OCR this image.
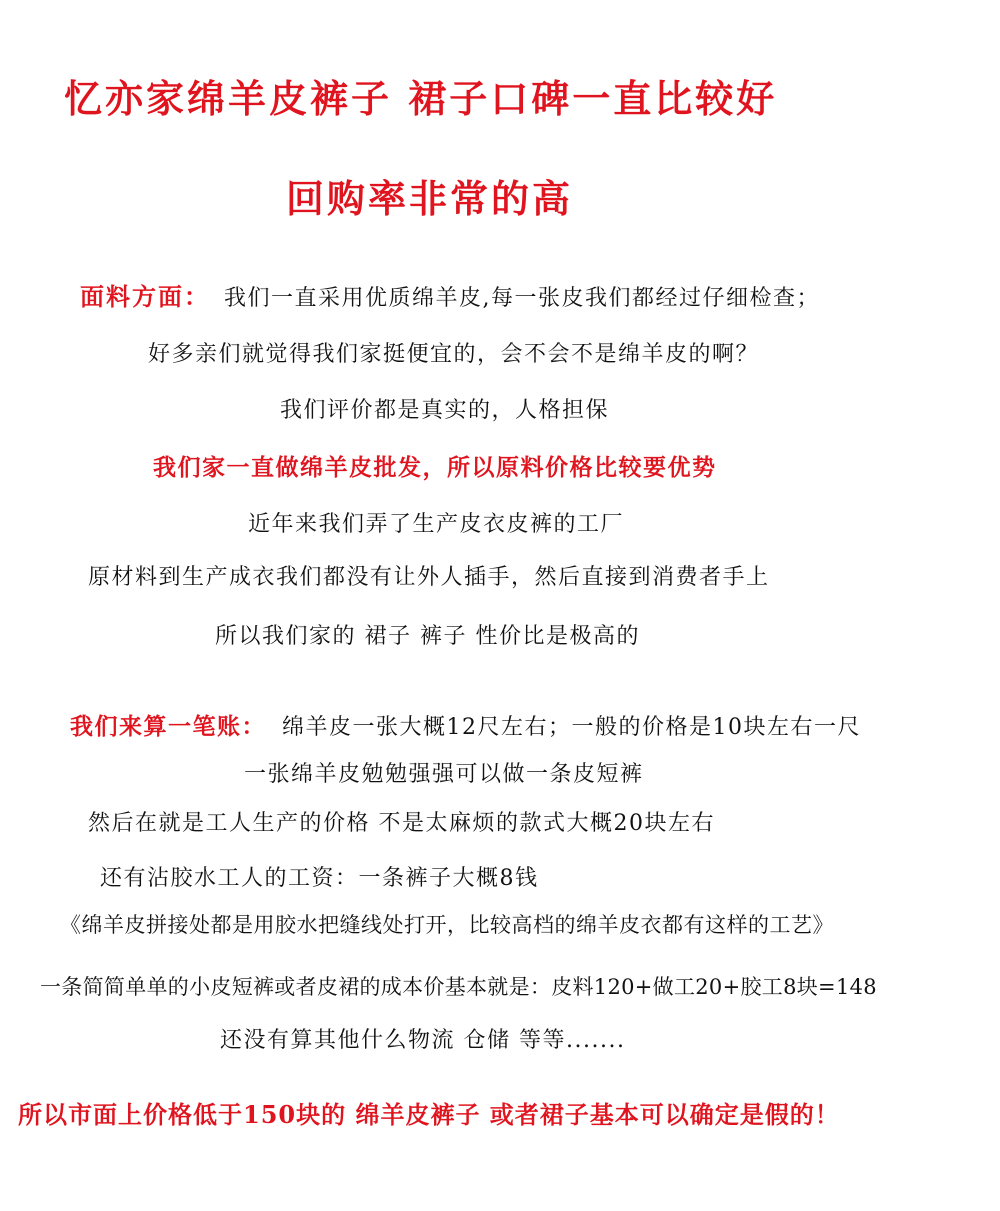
忆亦家绵羊皮裤子 裙子口碑一直比较好
回购率非常的高
面料方面： 我们一直采用优质绵羊皮,每一张皮我们都经过仔细检查；
好多亲们就觉得我们家挺便宜的，会不会不是绵羊皮的啊？
我们评价都是真实的，人格担保
我们家一直做绵羊皮批发，所以原料价格比较要优势
近年来我们弄了生产皮衣皮裤的工厂
原材料到生产成衣我们都没有让外人插手，然后直接到消费者手上
所以我们家的 裙子 裤子 性价比是极高的
我们来算一笔账： 绵羊皮一张大概12尺左右；一般的价格是10块左右一尺
一张绵羊皮勉勉强强可以做一条皮短裤
然后在就是工人生产的价格 不是太麻烦的款式大概20块左右
还有沾胶水工人的工资：一条裤子大概8钱
《绵羊皮拼接处都是用胶水把缝线处打开，比较高档的绵羊皮衣都有这样的工艺》
一条简简单单的小皮短裤或者皮裙的成本价基本就是：皮料120+做工20+胶工8块=148
还没有算其他什么物流 仓储 等等.......
所以市面上价格低于150块的 绵羊皮裤子 或者裙子基本可以确定是假的！
